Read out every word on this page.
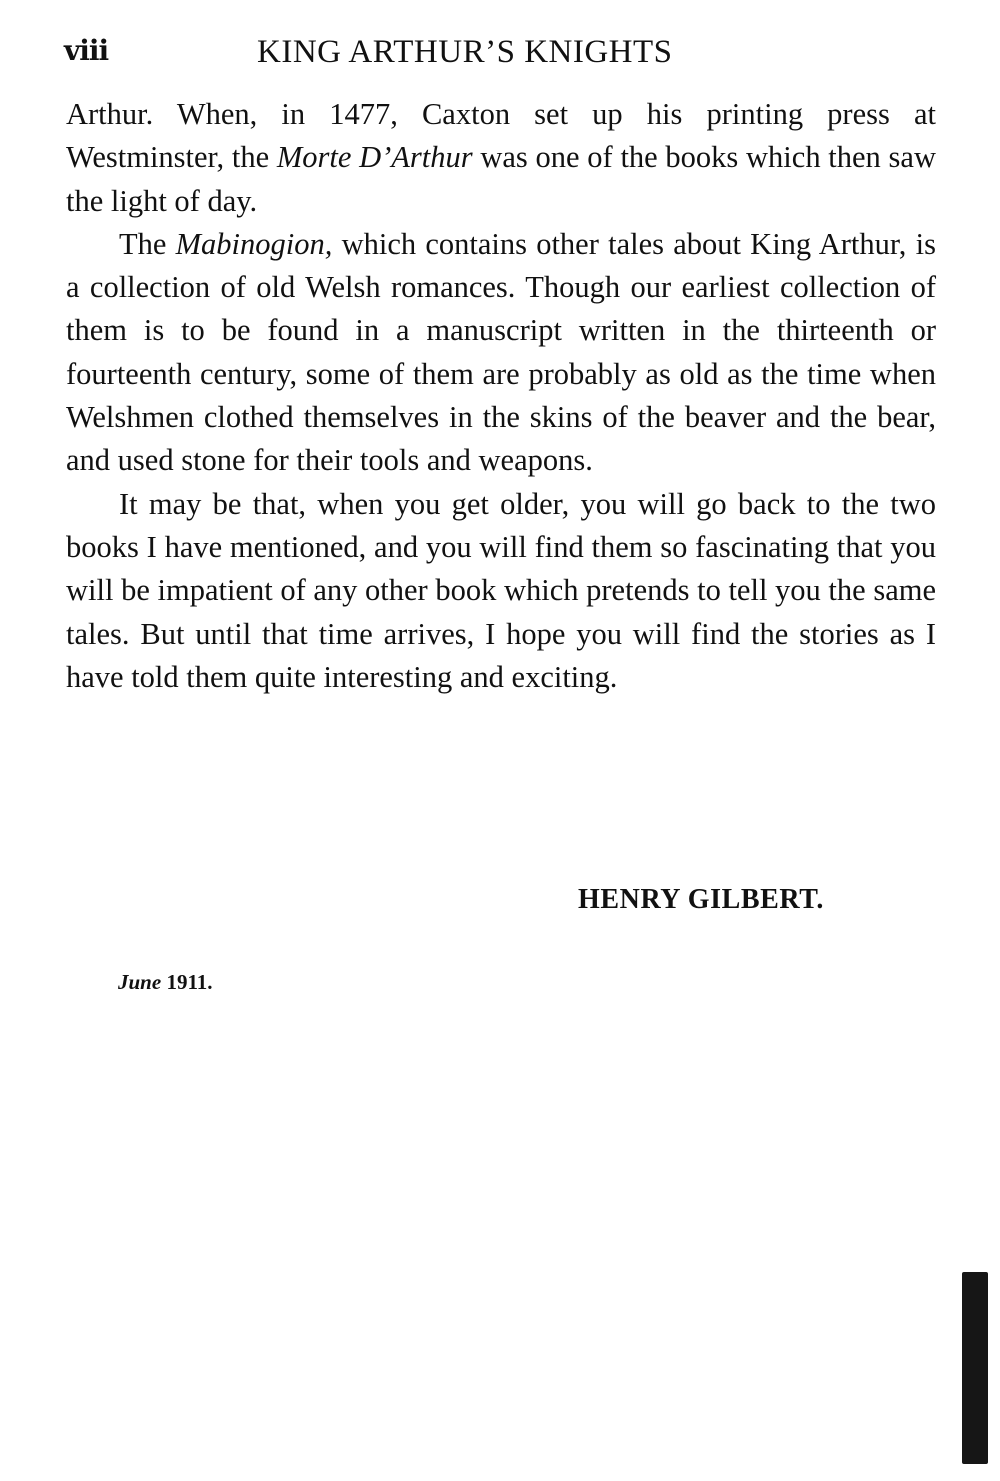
viii	KING ARTHUR’S KNIGHTS

Arthur. When, in 1477, Caxton set up his printing press at Westminster, the Morte D’Arthur was one of the books which then saw the light of day.

The Mabinogion, which contains other tales about King Arthur, is a collection of old Welsh romances. Though our earliest collection of them is to be found in a manuscript written in the thirteenth or fourteenth century, some of them are probably as old as the time when Welshmen clothed themselves in the skins of the beaver and the bear, and used stone for their tools and weapons.

It may be that, when you get older, you will go back to the two books I have mentioned, and you will find them so fascinating that you will be impatient of any other book which pretends to tell you the same tales. But until that time arrives, I hope you will find the stories as I have told them quite interesting and exciting.

HENRY GILBERT.
June 1911.
